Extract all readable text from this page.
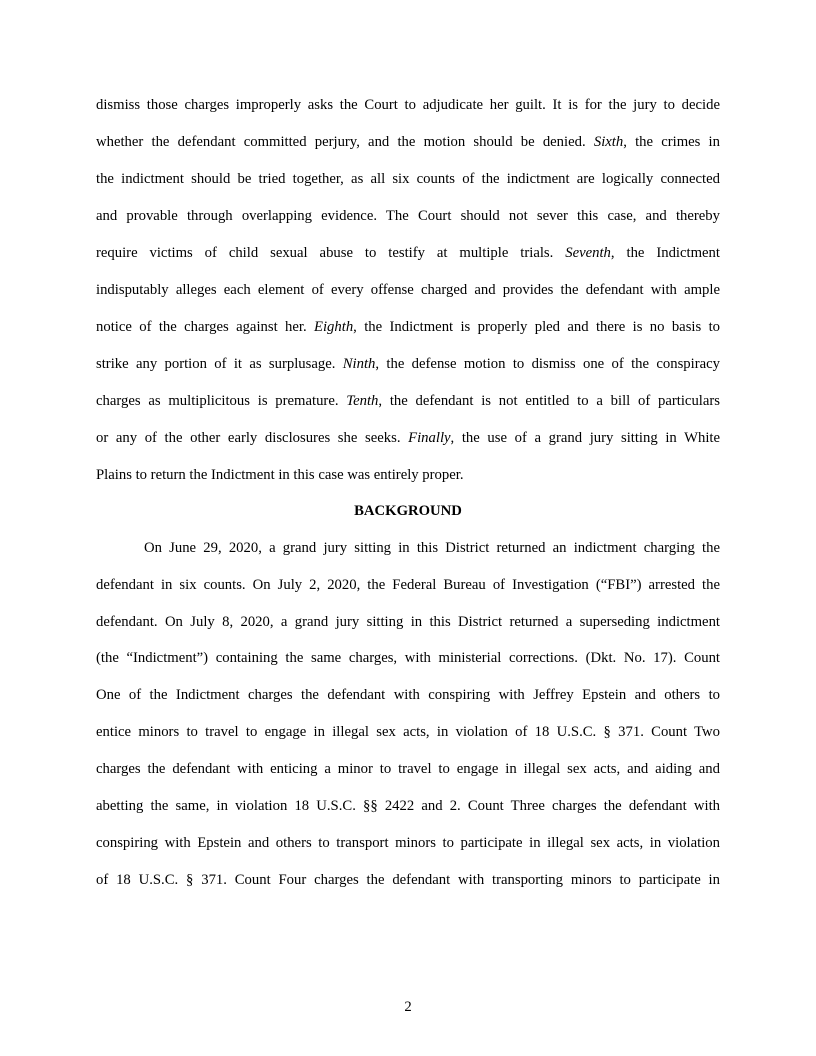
dismiss those charges improperly asks the Court to adjudicate her guilt. It is for the jury to decide
whether the defendant committed perjury, and the motion should be denied. Sixth, the crimes in
the indictment should be tried together, as all six counts of the indictment are logically connected
and provable through overlapping evidence. The Court should not sever this case, and thereby
require victims of child sexual abuse to testify at multiple trials. Seventh, the Indictment
indisputably alleges each element of every offense charged and provides the defendant with ample
notice of the charges against her. Eighth, the Indictment is properly pled and there is no basis to
strike any portion of it as surplusage. Ninth, the defense motion to dismiss one of the conspiracy
charges as multiplicitous is premature. Tenth, the defendant is not entitled to a bill of particulars
or any of the other early disclosures she seeks. Finally, the use of a grand jury sitting in White
Plains to return the Indictment in this case was entirely proper.
BACKGROUND
On June 29, 2020, a grand jury sitting in this District returned an indictment charging the
defendant in six counts. On July 2, 2020, the Federal Bureau of Investigation (“FBI”) arrested the
defendant. On July 8, 2020, a grand jury sitting in this District returned a superseding indictment
(the “Indictment”) containing the same charges, with ministerial corrections. (Dkt. No. 17). Count
One of the Indictment charges the defendant with conspiring with Jeffrey Epstein and others to
entice minors to travel to engage in illegal sex acts, in violation of 18 U.S.C. § 371. Count Two
charges the defendant with enticing a minor to travel to engage in illegal sex acts, and aiding and
abetting the same, in violation 18 U.S.C. §§ 2422 and 2. Count Three charges the defendant with
conspiring with Epstein and others to transport minors to participate in illegal sex acts, in violation
of 18 U.S.C. § 371. Count Four charges the defendant with transporting minors to participate in
2
